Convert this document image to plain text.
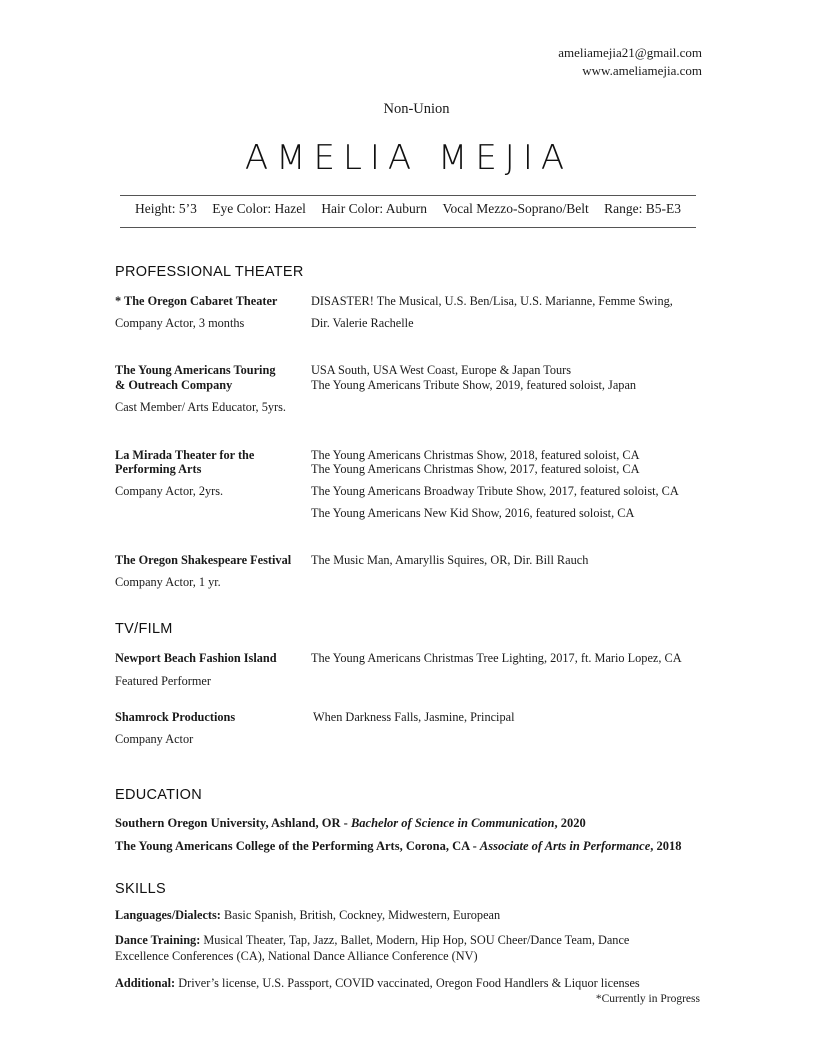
ameliamejia21@gmail.com
www.ameliamejia.com
Non-Union
AMELIA MEJIA
Height: 5’3 Eye Color: Hazel Hair Color: Auburn Vocal Mezzo-Soprano/Belt Range: B5-E3
PROFESSIONAL THEATER
* The Oregon Cabaret Theater
Company Actor, 3 months
DISASTER! The Musical, U.S. Ben/Lisa, U.S. Marianne, Femme Swing,
Dir. Valerie Rachelle
The Young Americans Touring
& Outreach Company
Cast Member/ Arts Educator, 5yrs.
USA South, USA West Coast, Europe & Japan Tours
The Young Americans Tribute Show, 2019, featured soloist, Japan
La Mirada Theater for the
Performing Arts
Company Actor, 2yrs.
The Young Americans Christmas Show, 2018, featured soloist, CA
The Young Americans Christmas Show, 2017, featured soloist, CA
The Young Americans Broadway Tribute Show, 2017, featured soloist, CA
The Young Americans New Kid Show, 2016, featured soloist, CA
The Oregon Shakespeare Festival
Company Actor, 1 yr.
The Music Man, Amaryllis Squires, OR, Dir. Bill Rauch
TV/FILM
Newport Beach Fashion Island
Featured Performer
The Young Americans Christmas Tree Lighting, 2017, ft. Mario Lopez, CA
Shamrock Productions
Company Actor
When Darkness Falls, Jasmine, Principal
EDUCATION
Southern Oregon University, Ashland, OR - Bachelor of Science in Communication, 2020
The Young Americans College of the Performing Arts, Corona, CA - Associate of Arts in Performance, 2018
SKILLS
Languages/Dialects: Basic Spanish, British, Cockney, Midwestern, European
Dance Training: Musical Theater, Tap, Jazz, Ballet, Modern, Hip Hop, SOU Cheer/Dance Team, Dance Excellence Conferences (CA), National Dance Alliance Conference (NV)
Additional: Driver’s license, U.S. Passport, COVID vaccinated, Oregon Food Handlers & Liquor licenses
*Currently in Progress
